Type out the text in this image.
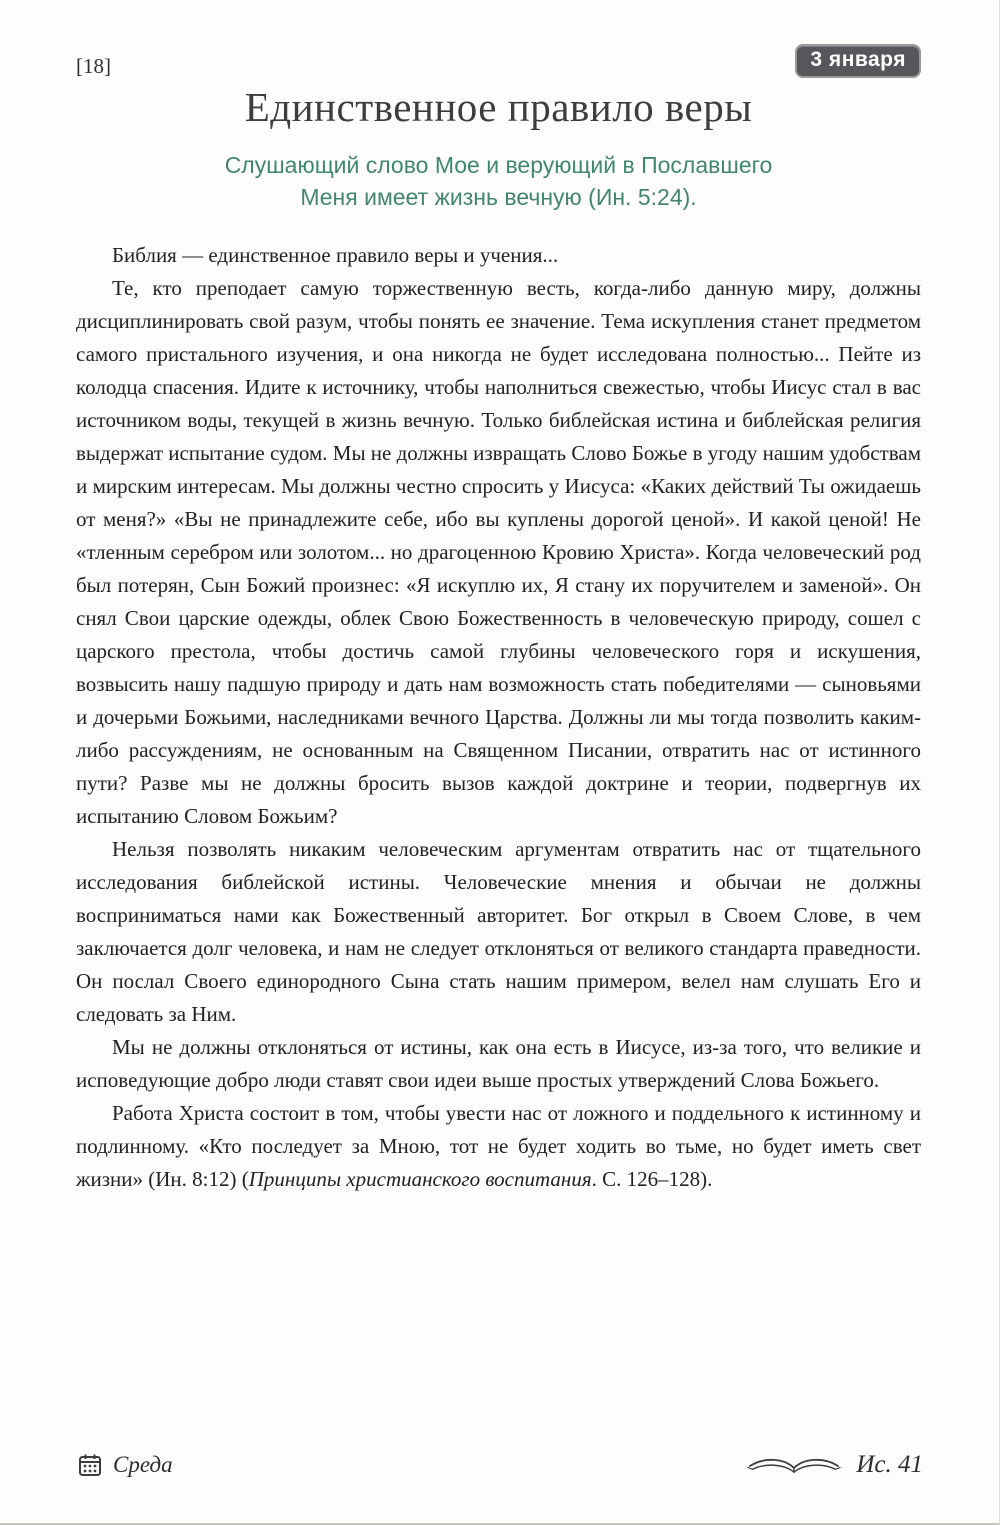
[18]	3 января
Единственное правило веры
Слушающий слово Мое и верующий в Пославшего
Меня имеет жизнь вечную (Ин. 5:24).

Библия — единственное правило веры и учения...

Те, кто преподает самую торжественную весть, когда-либо данную миру, должны дисциплинировать свой разум, чтобы понять ее значение. Тема искупления станет предметом самого пристального изучения, и она никогда не будет исследована полностью... Пейте из колодца спасения. Идите к источнику, чтобы наполниться свежестью, чтобы Иисус стал в вас источником воды, текущей в жизнь вечную. Только библейская истина и библейская религия выдержат испытание судом. Мы не должны извращать Слово Божье в угоду нашим удобствам и мирским интересам. Мы должны честно спросить у Иисуса: «Каких действий Ты ожидаешь от меня?» «Вы не принадлежите себе, ибо вы куплены дорогой ценой». И какой ценой! Не «тленным серебром или золотом... но драгоценною Кровию Христа». Когда человеческий род был потерян, Сын Божий произнес: «Я искуплю их, Я стану их поручителем и заменой». Он снял Свои царские одежды, облек Свою Божественность в человеческую природу, сошел с царского престола, чтобы достичь самой глубины человеческого горя и искушения, возвысить нашу падшую природу и дать нам возможность стать победителями — сыновьями и дочерьми Божьими, наследниками вечного Царства. Должны ли мы тогда позволить каким-либо рассуждениям, не основанным на Священном Писании, отвратить нас от истинного пути? Разве мы не должны бросить вызов каждой доктрине и теории, подвергнув их испытанию Словом Божьим?

Нельзя позволять никаким человеческим аргументам отвратить нас от тщательного исследования библейской истины. Человеческие мнения и обычаи не должны восприниматься нами как Божественный авторитет. Бог открыл в Своем Слове, в чем заключается долг человека, и нам не следует отклоняться от великого стандарта праведности. Он послал Своего единородного Сына стать нашим примером, велел нам слушать Его и следовать за Ним.

Мы не должны отклоняться от истины, как она есть в Иисусе, из-за того, что великие и исповедующие добро люди ставят свои идеи выше простых утверждений Слова Божьего.

Работа Христа состоит в том, чтобы увести нас от ложного и поддельного к истинному и подлинному. «Кто последует за Мною, тот не будет ходить во тьме, но будет иметь свет жизни» (Ин. 8:12) (Принципы христианского воспитания. С. 126–128).

Среда	Ис. 41
